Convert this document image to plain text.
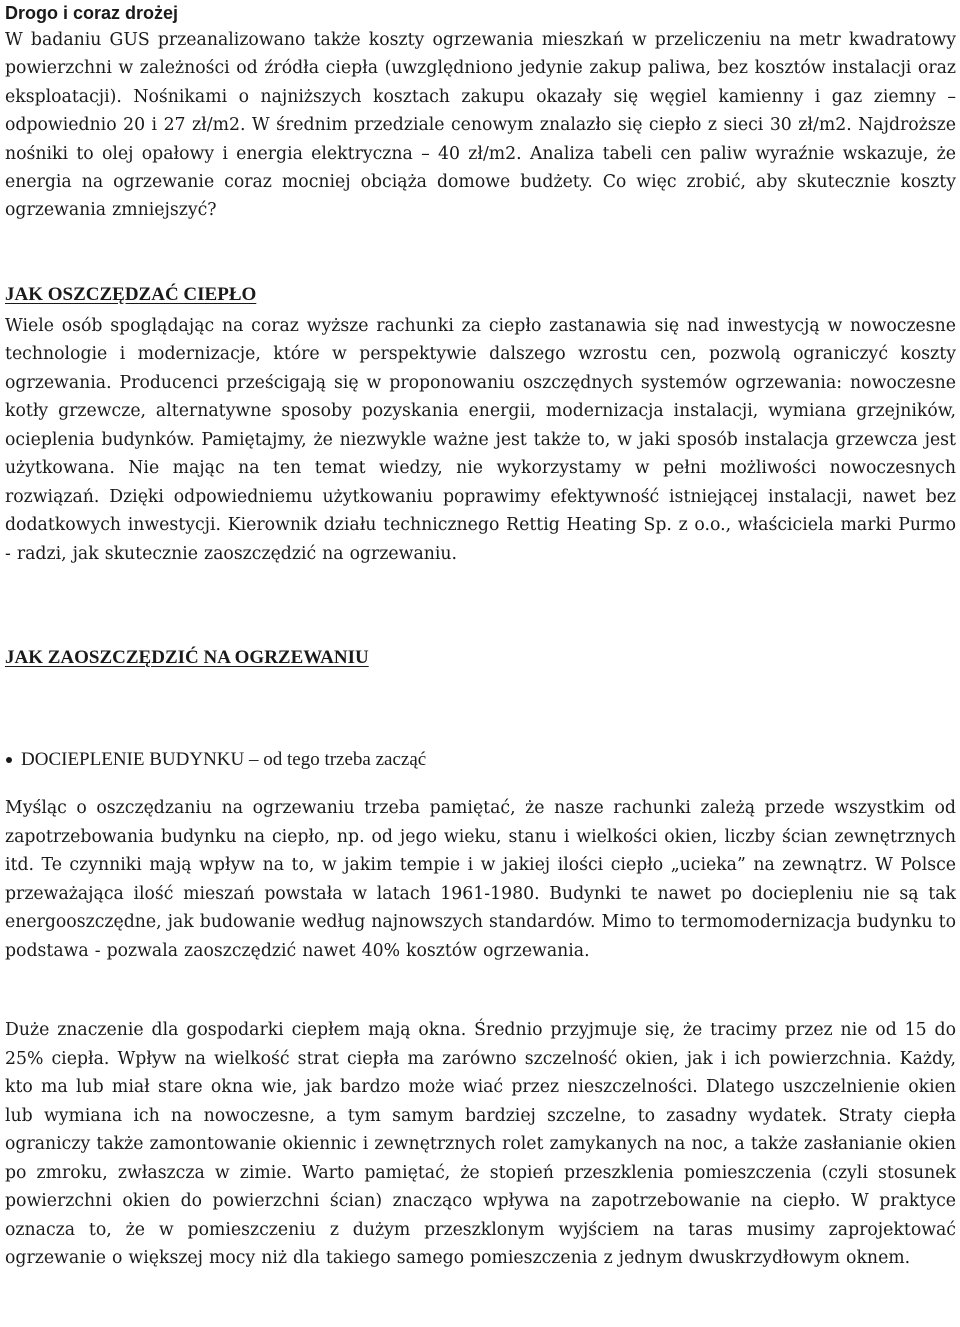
Drogo i coraz drożej

W badaniu GUS przeanalizowano także koszty ogrzewania mieszkań w przeliczeniu na metr kwadratowy powierzchni w zależności od źródła ciepła (uwzględniono jedynie zakup paliwa, bez kosztów instalacji oraz eksploatacji). Nośnikami o najniższych kosztach zakupu okazały się węgiel kamienny i gaz ziemny – odpowiednio 20 i 27 zł/m2. W średnim przedziale cenowym znalazło się ciepło z sieci 30 zł/m2. Najdroższe nośniki to olej opałowy i energia elektryczna – 40 zł/m2. Analiza tabeli cen paliw wyraźnie wskazuje, że energia na ogrzewanie coraz mocniej obciąża domowe budżety. Co więc zrobić, aby skutecznie koszty ogrzewania zmniejszyć?

JAK OSZCZĘDZAĆ CIEPŁO

Wiele osób spoglądając na coraz wyższe rachunki za ciepło zastanawia się nad inwestycją w nowoczesne technologie i modernizacje, które w perspektywie dalszego wzrostu cen, pozwolą ograniczyć koszty ogrzewania. Producenci prześcigają się w proponowaniu oszczędnych systemów ogrzewania: nowoczesne kotły grzewcze, alternatywne sposoby pozyskania energii, modernizacja instalacji, wymiana grzejników, ocieplenia budynków. Pamiętajmy, że niezwykle ważne jest także to, w jaki sposób instalacja grzewcza jest użytkowana. Nie mając na ten temat wiedzy, nie wykorzystamy w pełni możliwości nowoczesnych rozwiązań. Dzięki odpowiedniemu użytkowaniu poprawimy efektywność istniejącej instalacji, nawet bez dodatkowych inwestycji. Kierownik działu technicznego Rettig Heating Sp. z o.o., właściciela marki Purmo - radzi, jak skutecznie zaoszczędzić na ogrzewaniu.

JAK ZAOSZCZĘDZIĆ NA OGRZEWANIU
DOCIEPLENIE BUDYNKU – od tego trzeba zacząć

Myśląc o oszczędzaniu na ogrzewaniu trzeba pamiętać, że nasze rachunki zależą przede wszystkim od zapotrzebowania budynku na ciepło, np. od jego wieku, stanu i wielkości okien, liczby ścian zewnętrznych itd. Te czynniki mają wpływ na to, w jakim tempie i w jakiej ilości ciepło „ucieka” na zewnątrz. W Polsce przeważająca ilość mieszań powstała w latach 1961-1980. Budynki te nawet po dociepleniu nie są tak energooszczędne, jak budowanie według najnowszych standardów. Mimo to termomodernizacja budynku to podstawa - pozwala zaoszczędzić nawet 40% kosztów ogrzewania.

Duże znaczenie dla gospodarki ciepłem mają okna. Średnio przyjmuje się, że tracimy przez nie od 15 do 25% ciepła. Wpływ na wielkość strat ciepła ma zarówno szczelność okien, jak i ich powierzchnia. Każdy, kto ma lub miał stare okna wie, jak bardzo może wiać przez nieszczelności. Dlatego uszczelnienie okien lub wymiana ich na nowoczesne, a tym samym bardziej szczelne, to zasadny wydatek. Straty ciepła ograniczy także zamontowanie okiennic i zewnętrznych rolet zamykanych na noc, a także zasłanianie okien po zmroku, zwłaszcza w zimie. Warto pamiętać, że stopień przeszklenia pomieszczenia (czyli stosunek powierzchni okien do powierzchni ścian) znacząco wpływa na zapotrzebowanie na ciepło. W praktyce oznacza to, że w pomieszczeniu z dużym przeszklonym wyjściem na taras musimy zaprojektować ogrzewanie o większej mocy niż dla takiego samego pomieszczenia z jednym dwuskrzydłowym oknem.
